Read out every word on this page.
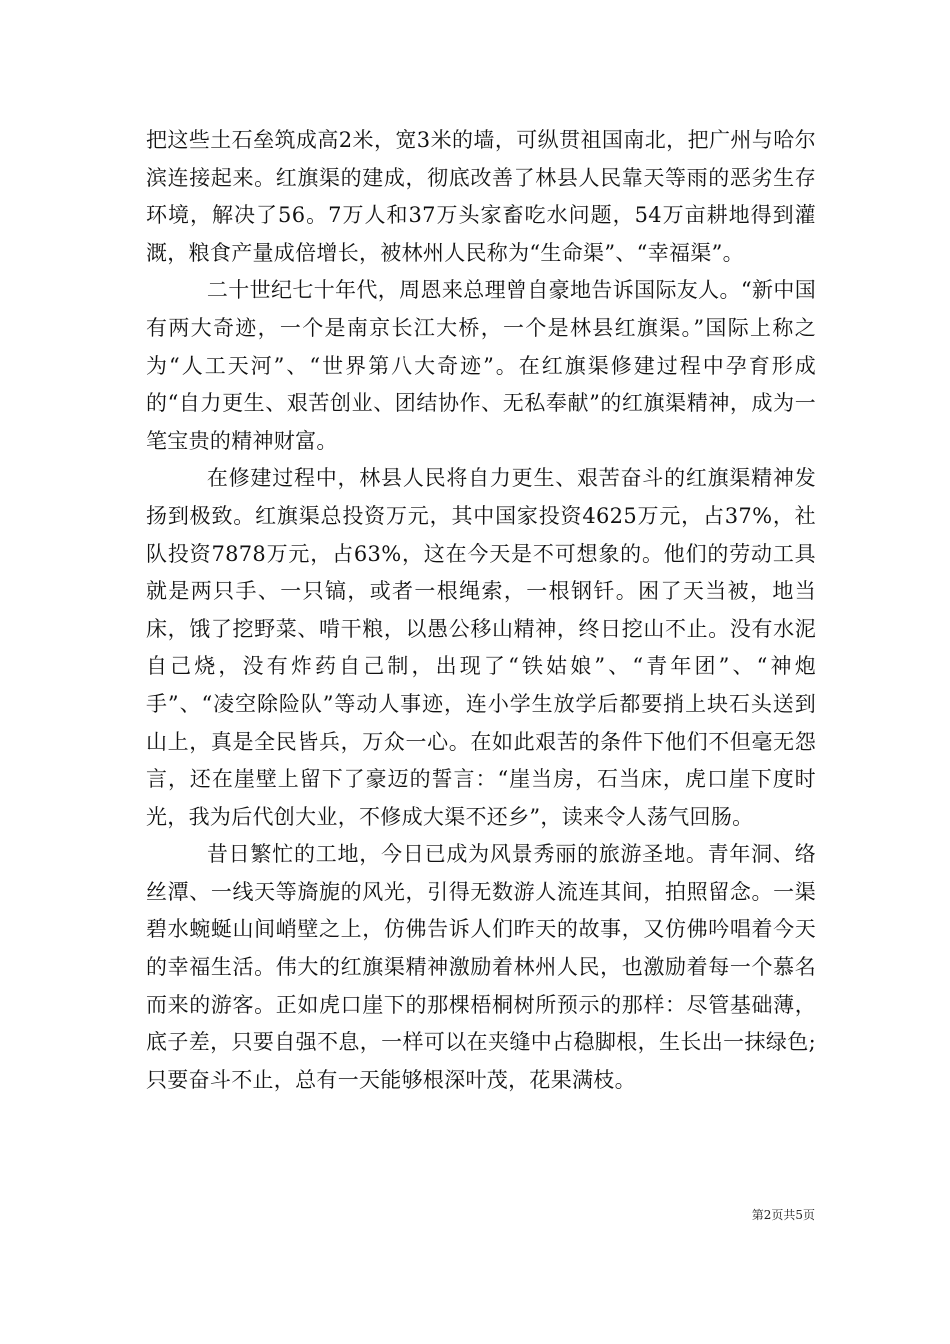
把这些土石垒筑成高2米，宽3米的墙，可纵贯祖国南北，把广州与哈尔滨连接起来。红旗渠的建成，彻底改善了林县人民靠天等雨的恶劣生存环境，解决了56。7万人和37万头家畜吃水问题，54万亩耕地得到灌溉，粮食产量成倍增长，被林州人民称为“生命渠”、“幸福渠”。

二十世纪七十年代，周恩来总理曾自豪地告诉国际友人。“新中国有两大奇迹，一个是南京长江大桥，一个是林县红旗渠。”国际上称之为“人工天河”、“世界第八大奇迹”。在红旗渠修建过程中孕育形成的“自力更生、艰苦创业、团结协作、无私奉献”的红旗渠精神，成为一笔宝贵的精神财富。

在修建过程中，林县人民将自力更生、艰苦奋斗的红旗渠精神发扬到极致。红旗渠总投资万元，其中国家投资4625万元，占37%，社队投资7878万元，占63%，这在今天是不可想象的。他们的劳动工具就是两只手、一只镐，或者一根绳索，一根钢钎。困了天当被，地当床，饿了挖野菜、啃干粮，以愚公移山精神，终日挖山不止。没有水泥自己烧，没有炸药自己制，出现了“铁姑娘”、“青年团”、“神炮手”、“凌空除险队”等动人事迹，连小学生放学后都要捎上块石头送到山上，真是全民皆兵，万众一心。在如此艰苦的条件下他们不但毫无怨言，还在崖壁上留下了豪迈的誓言：“崖当房，石当床，虎口崖下度时光，我为后代创大业，不修成大渠不还乡”，读来令人荡气回肠。

昔日繁忙的工地，今日已成为风景秀丽的旅游圣地。青年洞、络丝潭、一线天等旖旎的风光，引得无数游人流连其间，拍照留念。一渠碧水蜿蜒山间峭壁之上，仿佛告诉人们昨天的故事，又仿佛吟唱着今天的幸福生活。伟大的红旗渠精神激励着林州人民，也激励着每一个慕名而来的游客。正如虎口崖下的那棵梧桐树所预示的那样：尽管基础薄，底子差，只要自强不息，一样可以在夹缝中占稳脚根，生长出一抹绿色;只要奋斗不止，总有一天能够根深叶茂，花果满枝。

第2页共5页
